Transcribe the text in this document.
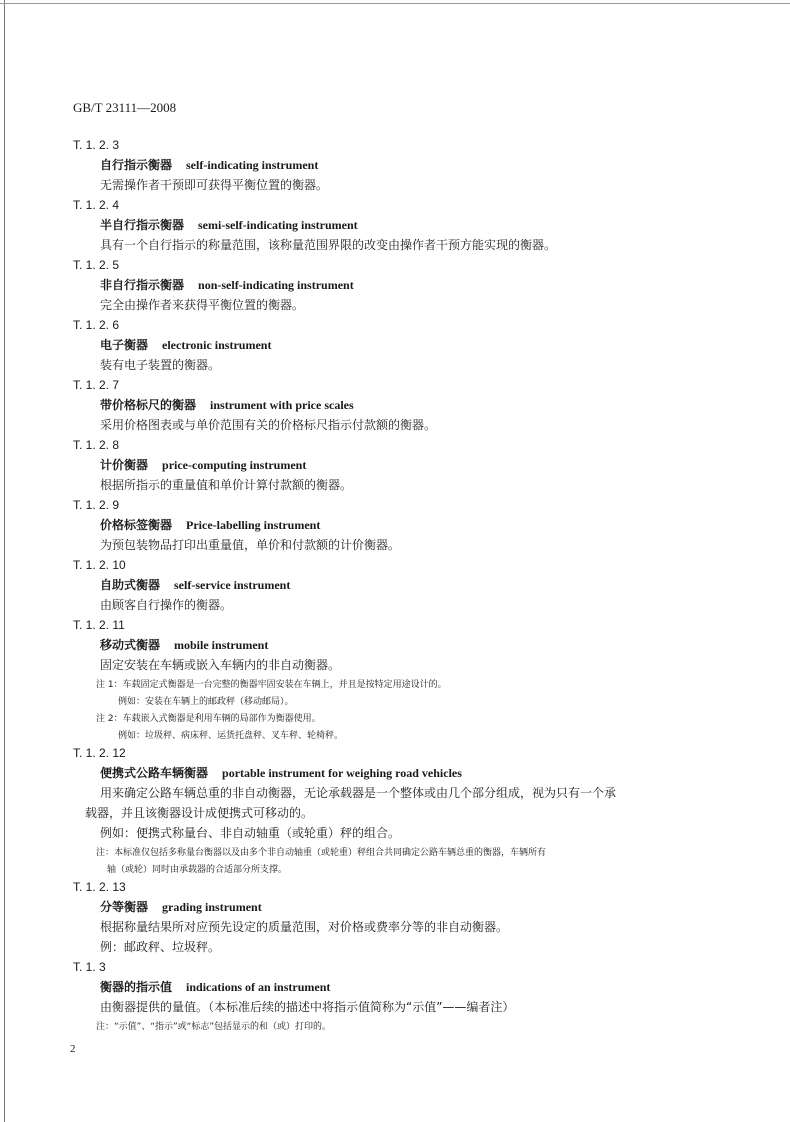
GB/T 23111—2008
T. 1. 2. 3
自行指示衡器 self-indicating instrument
无需操作者干预即可获得平衡位置的衡器。
T. 1. 2. 4
半自行指示衡器 semi-self-indicating instrument
具有一个自行指示的称量范围，该称量范围界限的改变由操作者干预方能实现的衡器。
T. 1. 2. 5
非自行指示衡器 non-self-indicating instrument
完全由操作者来获得平衡位置的衡器。
T. 1. 2. 6
电子衡器 electronic instrument
装有电子装置的衡器。
T. 1. 2. 7
带价格标尺的衡器 instrument with price scales
采用价格图表或与单价范围有关的价格标尺指示付款额的衡器。
T. 1. 2. 8
计价衡器 price-computing instrument
根据所指示的重量值和单价计算付款额的衡器。
T. 1. 2. 9
价格标签衡器 Price-labelling instrument
为预包装物品打印出重量值，单价和付款额的计价衡器。
T. 1. 2. 10
自助式衡器 self-service instrument
由顾客自行操作的衡器。
T. 1. 2. 11
移动式衡器 mobile instrument
固定安装在车辆或嵌入车辆内的非自动衡器。
注 1：车载固定式衡器是一台完整的衡器牢固安装在车辆上，并且是按特定用途设计的。
例如：安装在车辆上的邮政秤（移动邮局）。
注 2：车载嵌入式衡器是利用车辆的局部作为衡器使用。
例如：垃圾秤、病床秤、运货托盘秤、叉车秤、轮椅秤。
T. 1. 2. 12
便携式公路车辆衡器 portable instrument for weighing road vehicles
用来确定公路车辆总重的非自动衡器，无论承载器是一个整体或由几个部分组成，视为只有一个承
载器，并且该衡器设计成便携式可移动的。
例如：便携式称量台、非自动轴重（或轮重）秤的组合。
注：本标准仅包括多称量台衡器以及由多个非自动轴重（或轮重）秤组合共同确定公路车辆总重的衡器，车辆所有
轴（或轮）同时由承载器的合适部分所支撑。
T. 1. 2. 13
分等衡器 grading instrument
根据称量结果所对应预先设定的质量范围，对价格或费率分等的非自动衡器。
例：邮政秤、垃圾秤。
T. 1. 3
衡器的指示值 indications of an instrument
由衡器提供的量值。（本标准后续的描述中将指示值简称为“示值”——编者注）
注：“示值”、“指示”或“标志”包括显示的和（或）打印的。
2
